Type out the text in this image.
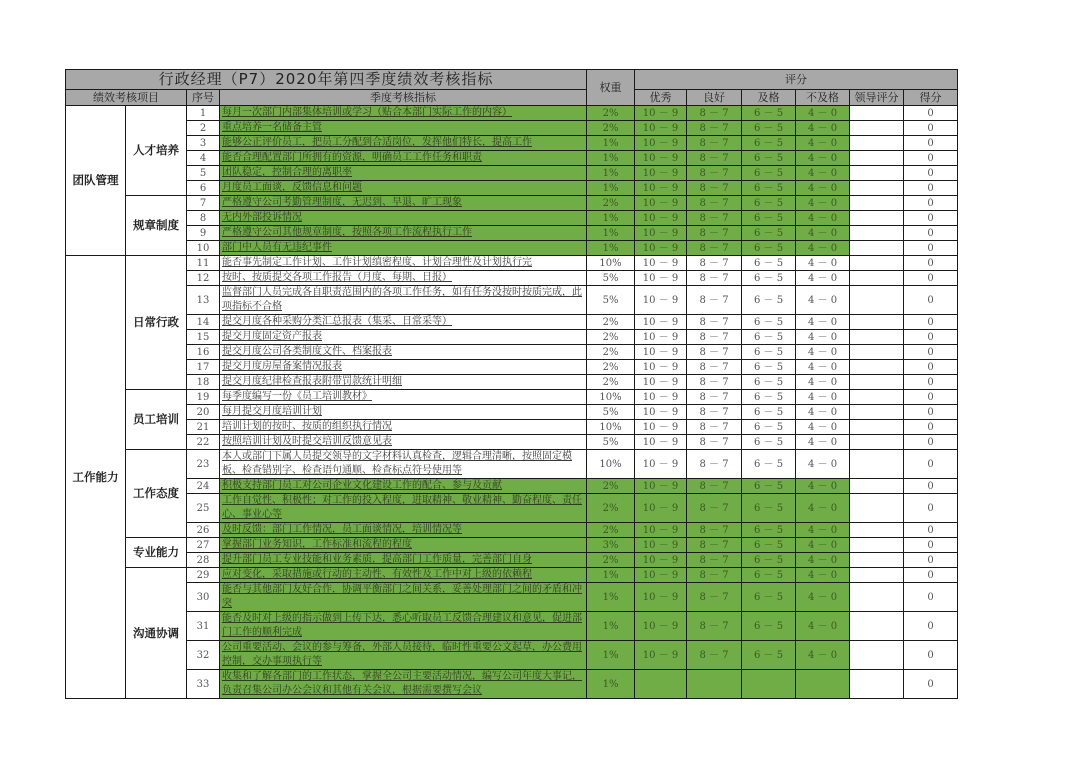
行政经理（P7）2020年第四季度绩效考核指标				权重	评分					
绩效考核项目		序号	季度考核指标		优秀	良好	及格	不及格	领导评分	得分
团队管理	人才培养	1	每月一次部门内部集体培训或学习（贴合本部门实际工作的内容）	2%	10 － 9	8 － 7	6 － 5	4 － 0		0
		2	重点培养一名储备主管	2%	10 － 9	8 － 7	6 － 5	4 － 0		0
		3	能够公正评价员工，把员工分配到合适岗位，发挥他们特长，提高工作	1%	10 － 9	8 － 7	6 － 5	4 － 0		0
		4	能否合理配置部门所拥有的资源，明确员工工作任务和职责	1%	10 － 9	8 － 7	6 － 5	4 － 0		0
		5	团队稳定，控制合理的离职率	1%	10 － 9	8 － 7	6 － 5	4 － 0		0
		6	月度员工面谈，反馈信息和问题	1%	10 － 9	8 － 7	6 － 5	4 － 0		0
	规章制度	7	严格遵守公司考勤管理制度，无迟到、早退、旷工现象	2%	10 － 9	8 － 7	6 － 5	4 － 0		0
		8	无内外部投诉情况	1%	10 － 9	8 － 7	6 － 5	4 － 0		0
		9	严格遵守公司其他规章制度，按照各项工作流程执行工作	1%	10 － 9	8 － 7	6 － 5	4 － 0		0
		10	部门中人员有无违纪事件	1%	10 － 9	8 － 7	6 － 5	4 － 0		0
工作能力	日常行政	11	能否事先制定工作计划、工作计划缜密程度、计划合理性及计划执行完	10%	10 － 9	8 － 7	6 － 5	4 － 0		0
		12	按时、按质提交各项工作报告（月度、每期、日报）	5%	10 － 9	8 － 7	6 － 5	4 － 0		0
		13	监督部门人员完成各自职责范围内的各项工作任务，如有任务没按时按质完成，此项指标不合格	5%	10 － 9	8 － 7	6 － 5	4 － 0		0
		14	提交月度各种采购分类汇总报表（集采、日常采等）	2%	10 － 9	8 － 7	6 － 5	4 － 0		0
		15	提交月度固定资产报表	2%	10 － 9	8 － 7	6 － 5	4 － 0		0
		16	提交月度公司各类制度文件、档案报表	2%	10 － 9	8 － 7	6 － 5	4 － 0		0
		17	提交月度房屋备案情况报表	2%	10 － 9	8 － 7	6 － 5	4 － 0		0
		18	提交月度纪律检查报表附带罚款统计明细	2%	10 － 9	8 － 7	6 － 5	4 － 0		0
	员工培训	19	每季度编写一份《员工培训教材》	10%	10 － 9	8 － 7	6 － 5	4 － 0		0
		20	每月提交月度培训计划	5%	10 － 9	8 － 7	6 － 5	4 － 0		0
		21	培训计划的按时、按质的组织执行情况	10%	10 － 9	8 － 7	6 － 5	4 － 0		0
		22	按照培训计划及时提交培训反馈意见表	5%	10 － 9	8 － 7	6 － 5	4 － 0		0
	工作态度	23	本人或部门下属人员提交领导的文字材料认真检查，逻辑合理清晰，按照固定模板、检查错别字、检查语句通顺、检查标点符号使用等	10%	10 － 9	8 － 7	6 － 5	4 － 0		0
		24	积极支持部门员工对公司企业文化建设工作的配合、参与及贡献	2%	10 － 9	8 － 7	6 － 5	4 － 0		0
		25	工作自觉性、积极性；对工作的投入程度，进取精神、敬业精神、勤奋程度、责任心、事业心等	2%	10 － 9	8 － 7	6 － 5	4 － 0		0
		26	及时反馈：部门工作情况，员工面谈情况，培训情况等	2%	10 － 9	8 － 7	6 － 5	4 － 0		0
	专业能力	27	掌握部门业务知识，工作标准和流程的程度	3%	10 － 9	8 － 7	6 － 5	4 － 0		0
		28	提升部门员工专业技能和业务素质，提高部门工作质量，完善部门自身	2%	10 － 9	8 － 7	6 － 5	4 － 0		0
	沟通协调	29	应对变化，采取措施或行动的主动性、有效性及工作中对上级的依赖程	1%	10 － 9	8 － 7	6 － 5	4 － 0		0
		30	能否与其他部门友好合作，协调平衡部门之间关系，妥善处理部门之间的矛盾和冲突	1%	10 － 9	8 － 7	6 － 5	4 － 0		0
		31	能否及时对上级的指示做到上传下达，悉心听取员工反馈合理建议和意见，促进部门工作的顺利完成	1%	10 － 9	8 － 7	6 － 5	4 － 0		0
		32	公司重要活动、会议的参与筹备，外部人员接待，临时性重要公文起草，办公费用控制，交办事项执行等	1%	10 － 9	8 － 7	6 － 5	4 － 0		0
		33	收集和了解各部门的工作状态，掌握全公司主要活动情况，编写公司年度大事记，负责召集公司办公会议和其他有关会议，根据需要撰写会议	1%						0
